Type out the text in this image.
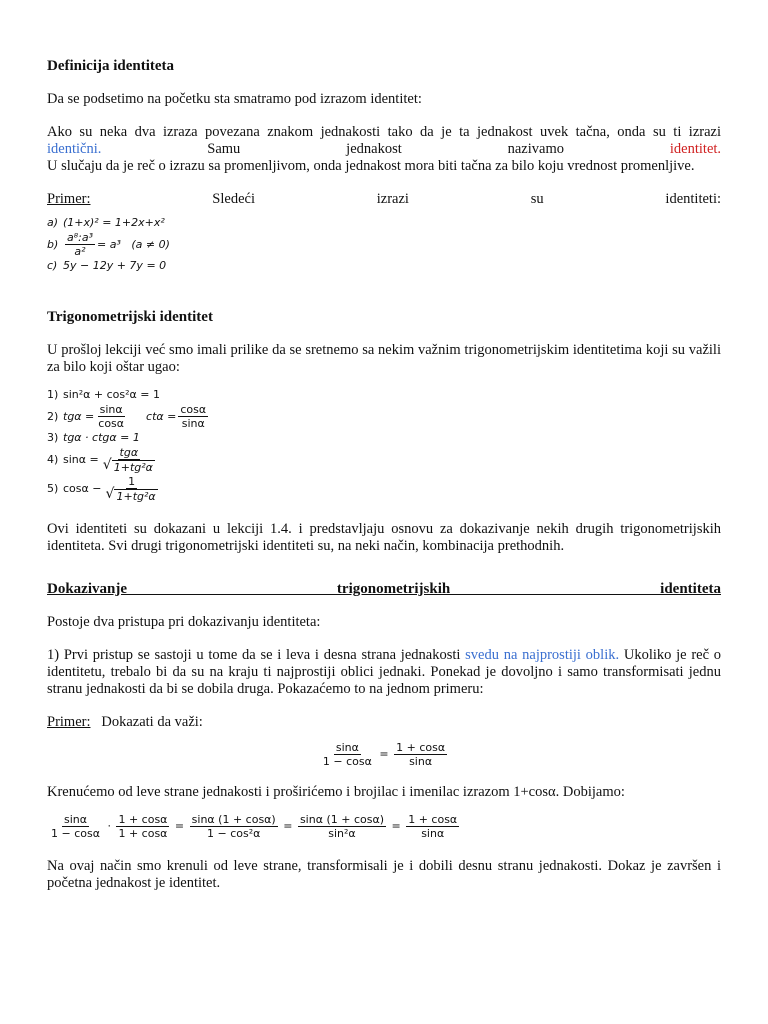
Definicija identiteta

Da se podsetimo na početku sta smatramo pod izrazom identitet:

Ako su neka dva izraza povezana znakom jednakosti tako da je ta jednakost uvek tačna, onda su ti izrazi

identični.	Samu jednakost nazivamo	identitet.

U slučaju da je reč o izrazu sa promenljivom, onda jednakost mora biti tačna za bilo koju vrednost promenljive.

Primer:	Sledeći izrazi su identiteti:

a) (1+x)² = 1+2x+x²
$b) \frac{\text{a⁸:a³}}{\text{a²}} = a^3$   (a ≠ 0)
c) 5y − 12y + 7y = 0
Trigonometrijski identitet

U prošloj lekciji već smo imali prilike da se sretnemo sa nekim važnim trigonometrijskim identitetima koji su važili za bilo koji oštar ugao:

1) sin²α + cos²α = 1
2) $tg\alpha = \frac{\sin\alpha}{\cos\alpha}$ $ct\alpha = \frac{\cos\alpha}{\sin\alpha}$
3) tgα · ctgα = 1
4) sinα = tgα
√ 1+tg²α
5) cosα − 1
√ 1+tg²α

Ovi identiteti su dokazani u lekciji 1.4. i predstavljaju osnovu za dokazivanje nekih drugih trigonometrijskih identiteta. Svi drugi trigonometrijski identiteti su, na neki način, kombinacija prethodnih.

Dokazivanje trigonometrijskih identiteta

Postoje dva pristupa pri dokazivanju identiteta:

1) Prvi pristup se sastoji u tome da se i leva i desna strana jednakosti svedu na najprostiji oblik. Ukoliko je reč o identitetu, trebalo bi da su na kraju ti najprostiji oblici jednaki. Ponekad je dovoljno i samo transformisati jednu stranu jednakosti da bi se dobila druga. Pokazaćemo to na jednom primeru:

Primer: Dokazati da važi:

$\frac{\sin\alpha}{1 - \cos\alpha} = \frac{1 + \cos\alpha}{\sin\alpha}$

Krenućemo od leve strane jednakosti i proširićemo i brojilac i imenilac izrazom 1+cosα. Dobijamo:

$\frac{\sin\alpha}{1 - \cos\alpha} \cdot \frac{1 + \cos\alpha}{1 + \cos\alpha} = \frac{\sin\alpha (1 + \cos\alpha)}{\text{1 − cos²α}} = \frac{\sin\alpha (1 + \cos\alpha)}{\text{sin²α}} = \frac{1 + \cos\alpha}{\sin\alpha}$

Na ovaj način smo krenuli od leve strane, transformisali je i dobili desnu stranu jednakosti. Dokaz je završen i početna jednakost je identitet.
